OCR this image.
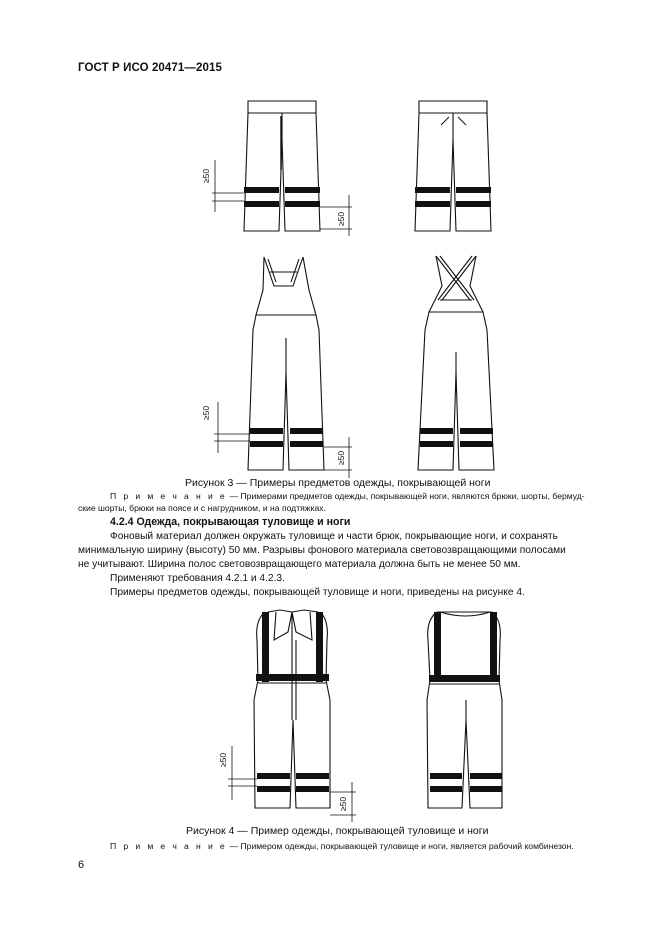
ГОСТ Р ИСО 20471—2015
≥50
≥50
≥50
≥50
≥50
≥50
Рисунок 3 — Примеры предметов одежды, покрывающей ноги
П р и м е ч а н и е — Примерами предметов одежды, покрывающей ноги, являются брюки, шорты, бермуд-
ские шорты, брюки на поясе и с нагрудником, и на подтяжках.
4.2.4 Одежда, покрывающая туловище и ноги
Фоновый материал должен окружать туловище и части брюк, покрывающие ноги, и сохранять
минимальную ширину (высоту) 50 мм. Разрывы фонового материала световозвращающими полосами
не учитывают. Ширина полос световозвращающего материала должна быть не менее 50 мм.
Применяют требования 4.2.1 и 4.2.3.
Примеры предметов одежды, покрывающей туловище и ноги, приведены на рисунке 4.
Рисунок 4 — Пример одежды, покрывающей туловище и ноги
П р и м е ч а н и е — Примером одежды, покрывающей туловище и ноги, является рабочий комбинезон.
6
